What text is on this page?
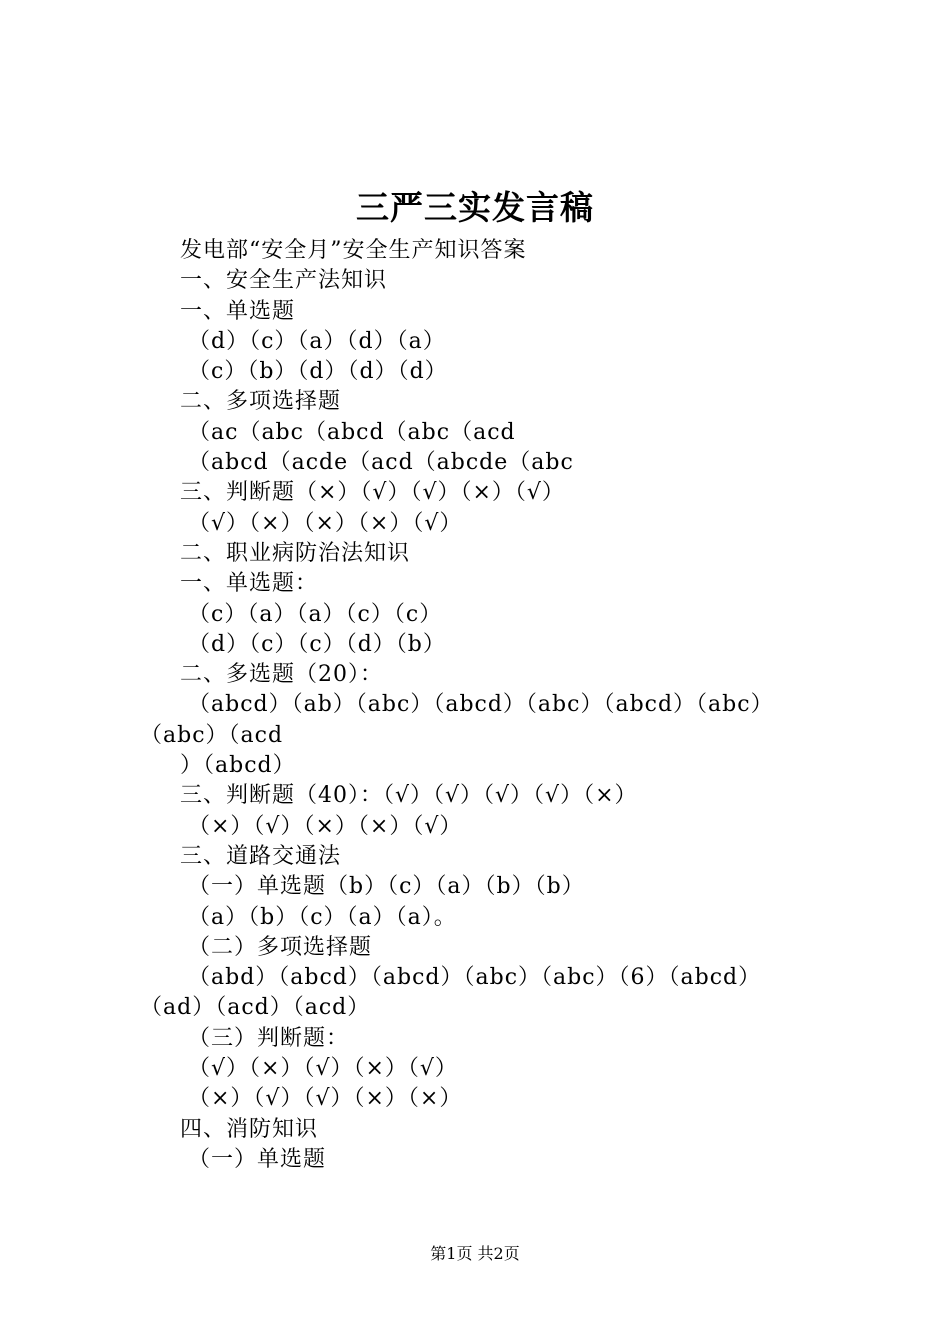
三严三实发言稿
发电部“安全月”安全生产知识答案
一、安全生产法知识
一、单选题
（d）（c）（a）（d）（a）
（c）（b）（d）（d）（d）
二、多项选择题
（ac（abc（abcd（abc（acd
（abcd（acde（acd（abcde（abc
三、判断题（×）（√）（√）（×）（√）
（√）（×）（×）（×）（√）
二、职业病防治法知识
一、单选题：
（c）（a）（a）（c）（c）
（d）（c）（c）（d）（b）
二、多选题（20）：
（abcd）（ab）（abc）（abcd）（abc）（abcd）（abc）
（abc）（acd
）（abcd）
三、判断题（40）：（√）（√）（√）（√）（×）
（×）（√）（×）（×）（√）
三、道路交通法
（一）单选题（b）（c）（a）（b）（b）
（a）（b）（c）（a）（a）。
（二）多项选择题
（abd）（abcd）（abcd）（abc）（abc）（6）（abcd）
（ad）（acd）（acd）
（三）判断题：
（√）（×）（√）（×）（√）
（×）（√）（√）（×）（×）
四、消防知识
（一）单选题
第1页 共2页
